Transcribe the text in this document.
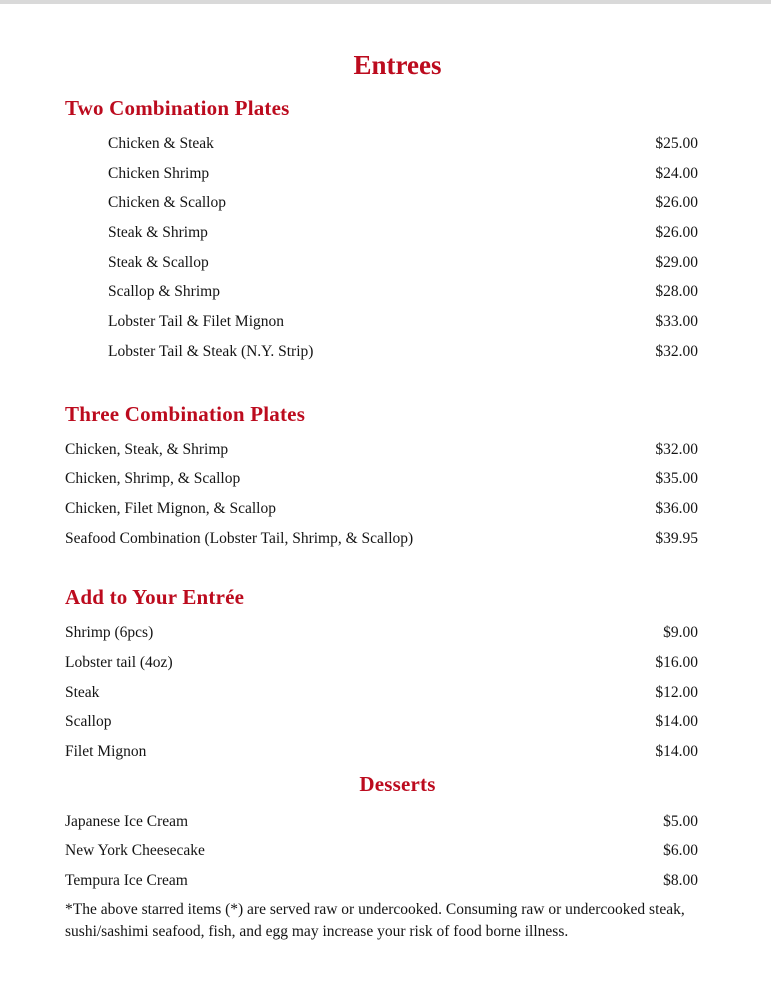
Entrees
Two Combination Plates
Chicken & Steak	$25.00
Chicken Shrimp	$24.00
Chicken & Scallop	$26.00
Steak & Shrimp	$26.00
Steak & Scallop	$29.00
Scallop & Shrimp	$28.00
Lobster Tail & Filet Mignon	$33.00
Lobster Tail & Steak (N.Y. Strip)	$32.00
Three Combination Plates
Chicken, Steak, & Shrimp	$32.00
Chicken, Shrimp, & Scallop	$35.00
Chicken, Filet Mignon, & Scallop	$36.00
Seafood Combination (Lobster Tail, Shrimp, & Scallop)	$39.95
Add to Your Entrée
Shrimp (6pcs)	$9.00
Lobster tail (4oz)	$16.00
Steak	$12.00
Scallop	$14.00
Filet Mignon	$14.00
Desserts
Japanese Ice Cream	$5.00
New York Cheesecake	$6.00
Tempura Ice Cream	$8.00
*The above starred items (*) are served raw or undercooked. Consuming raw or undercooked steak,
sushi/sashimi seafood, fish, and egg may increase your risk of food borne illness.
